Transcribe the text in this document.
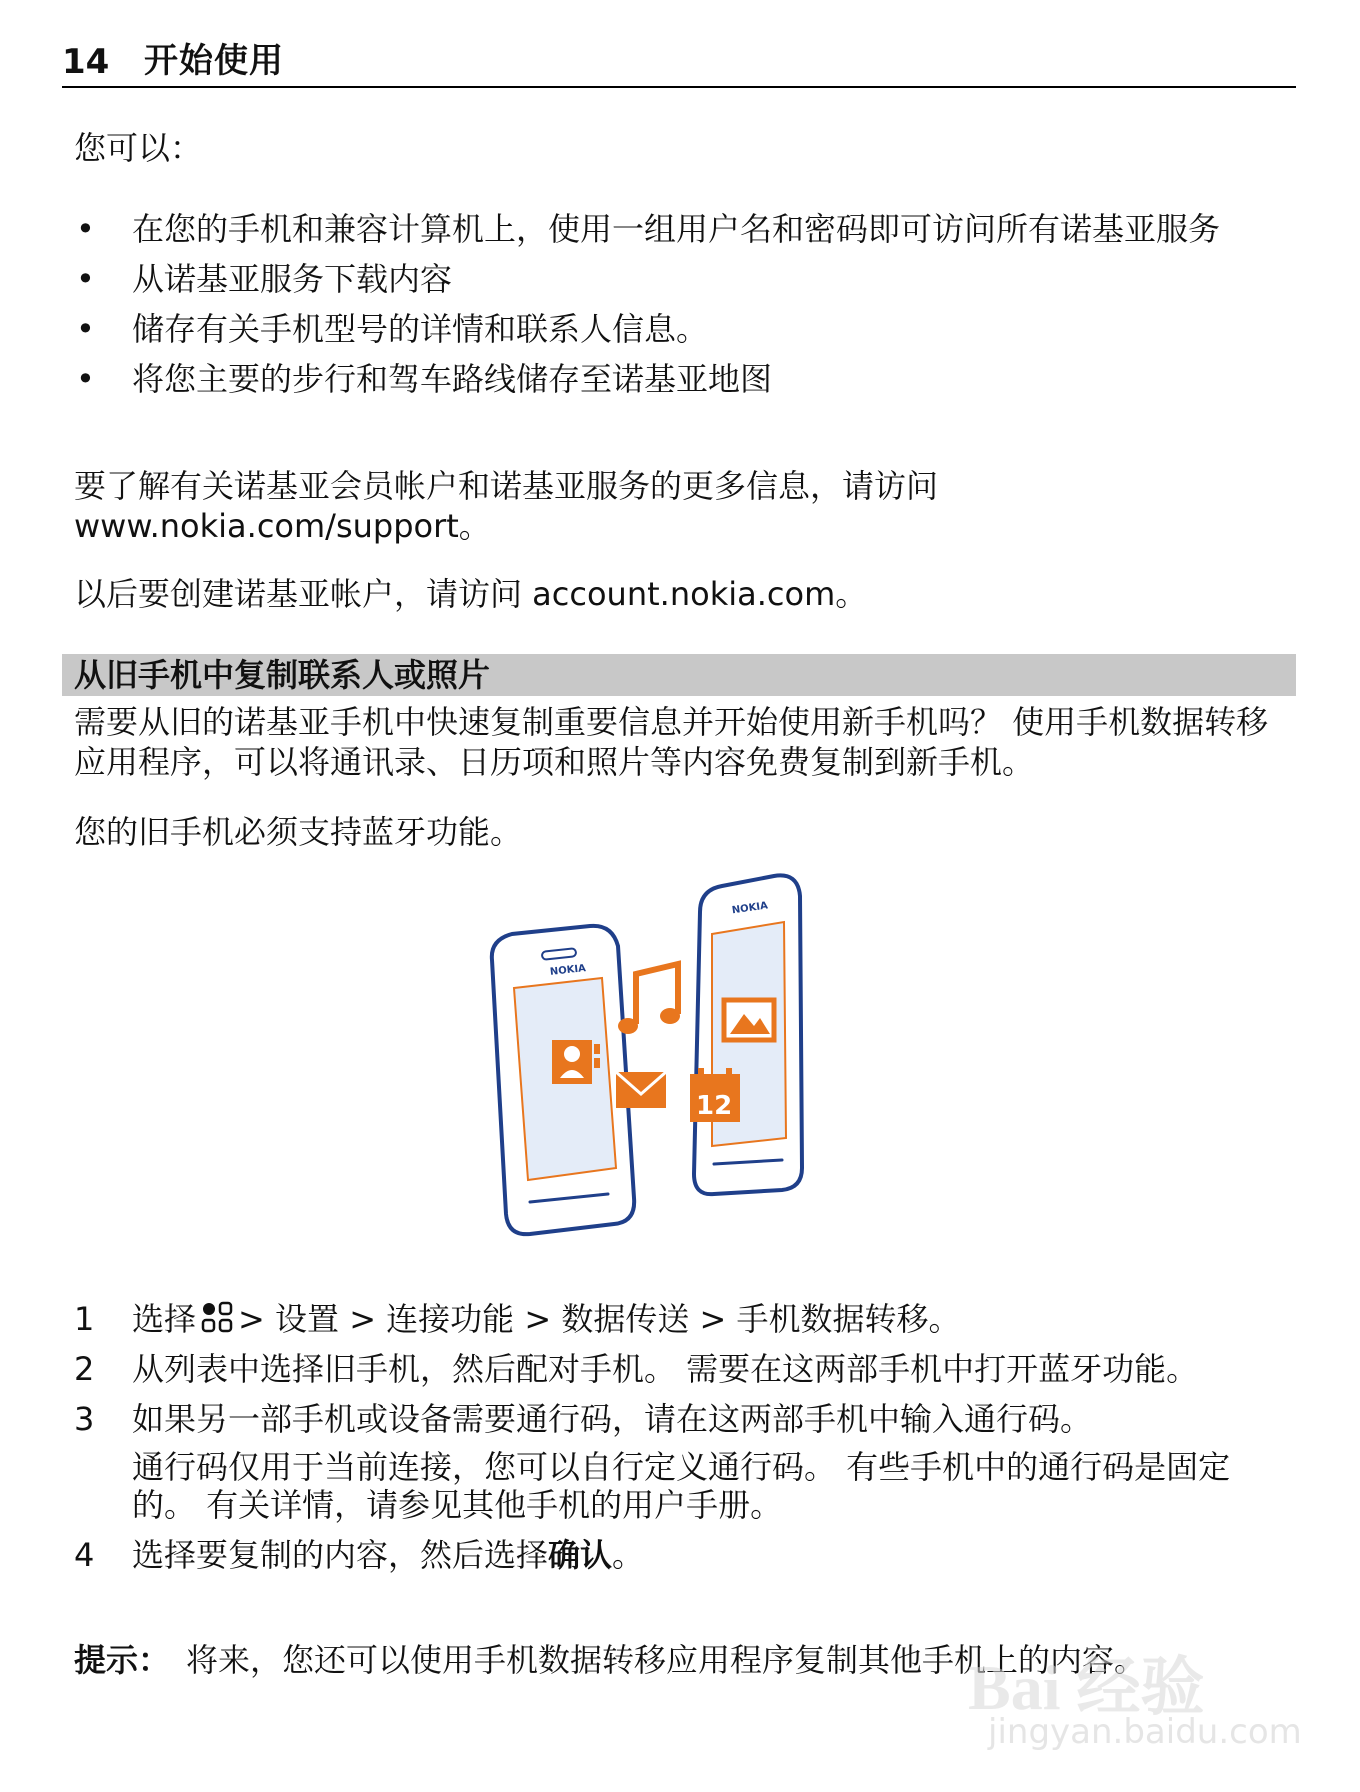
14	开始使用
您可以：
• 在您的手机和兼容计算机上，使用一组用户名和密码即可访问所有诺基亚服务
• 从诺基亚服务下载内容
• 储存有关手机型号的详情和联系人信息。
• 将您主要的步行和驾车路线储存至诺基亚地图
要了解有关诺基亚会员帐户和诺基亚服务的更多信息，请访问 www.nokia.com/support。
以后要创建诺基亚帐户，请访问 account.nokia.com。
从旧手机中复制联系人或照片
需要从旧的诺基亚手机中快速复制重要信息并开始使用新手机吗？ 使用手机数据转移应用程序，可以将通讯录、日历项和照片等内容免费复制到新手机。
您的旧手机必须支持蓝牙功能。
NOKIA
NOKIA
12
1 选择 > 设置 > 连接功能 > 数据传送 > 手机数据转移。
2 从列表中选择旧手机，然后配对手机。 需要在这两部手机中打开蓝牙功能。
3 如果另一部手机或设备需要通行码，请在这两部手机中输入通行码。
通行码仅用于当前连接，您可以自行定义通行码。 有些手机中的通行码是固定的。 有关详情，请参见其他手机的用户手册。
4 选择要复制的内容，然后选择确认。
提示： 将来，您还可以使用手机数据转移应用程序复制其他手机上的内容。
Bai 经验
jingyan.baidu.com
